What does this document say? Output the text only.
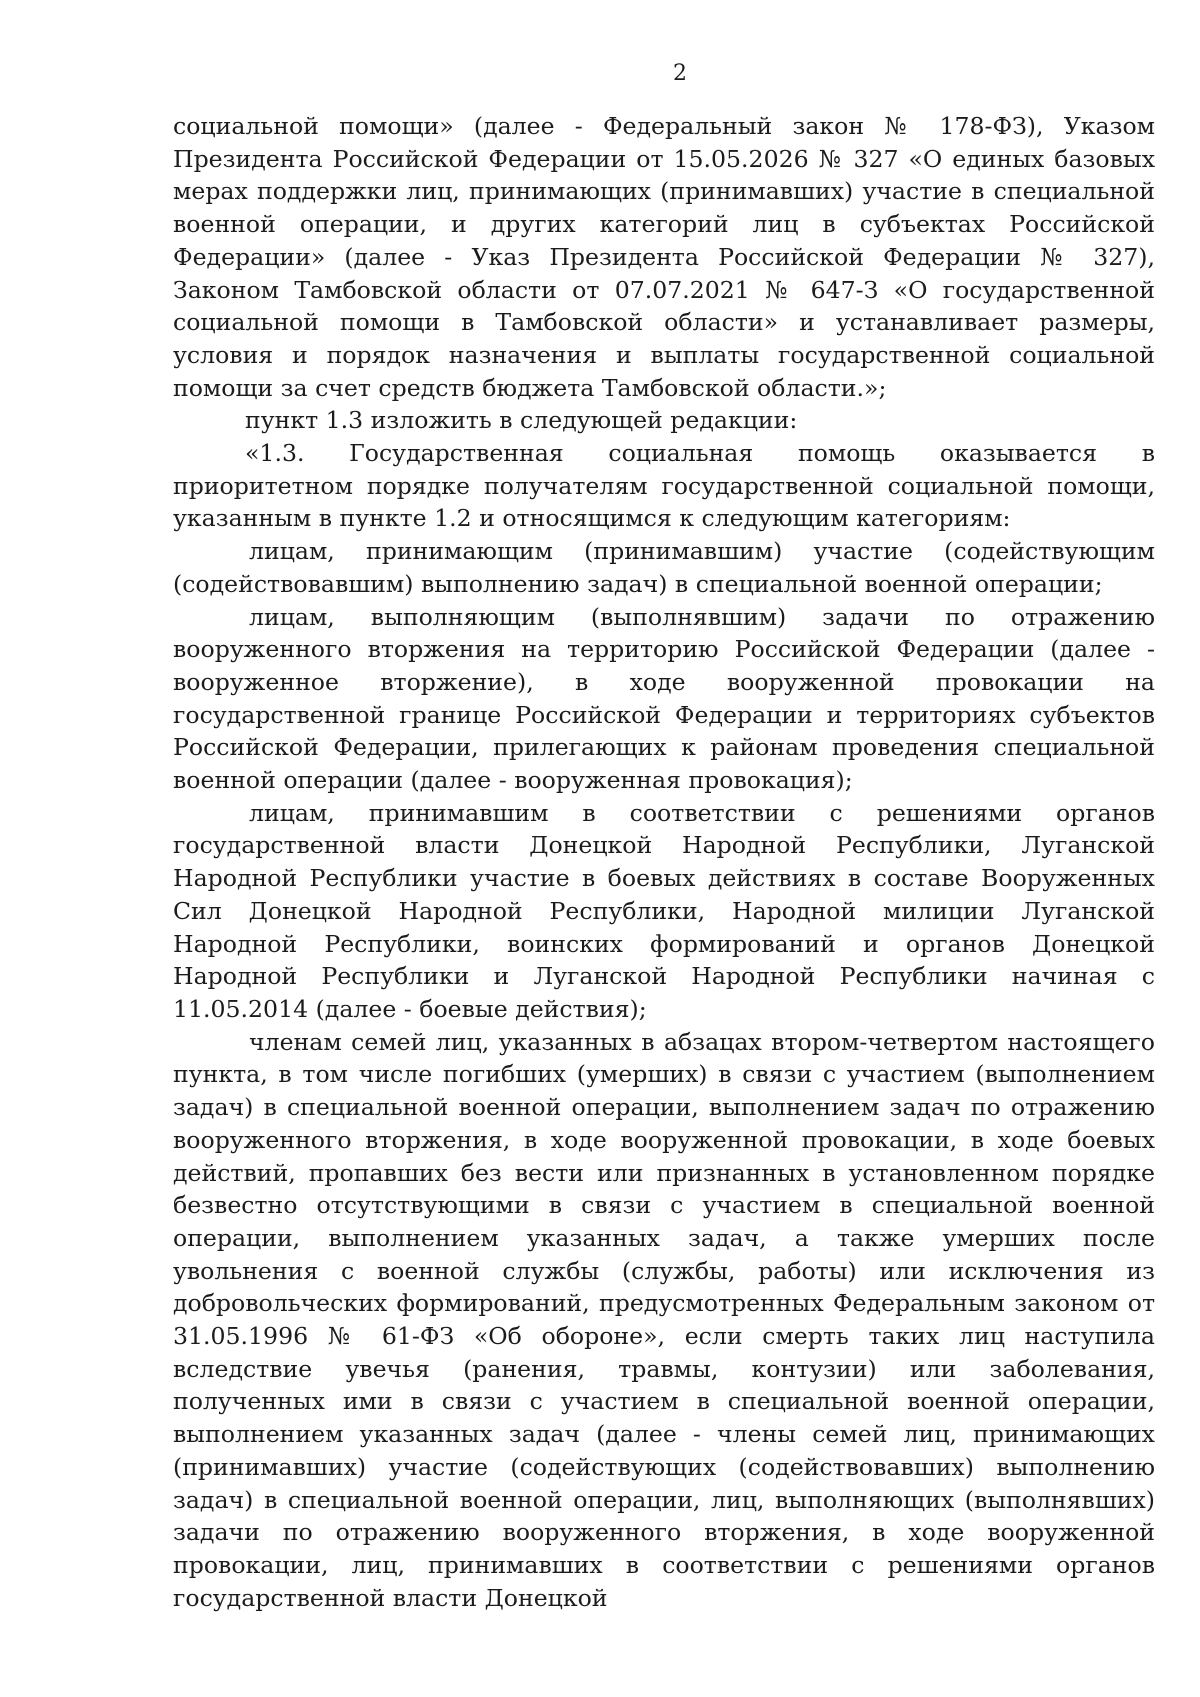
2

социальной помощи» (далее - Федеральный закон № 178-ФЗ), Указом Президента Российской Федерации от 15.05.2026 № 327 «О единых базовых мерах поддержки лиц, принимающих (принимавших) участие в специальной военной операции, и других категорий лиц в субъектах Российской Федерации» (далее - Указ Президента Российской Федерации № 327), Законом Тамбовской области от 07.07.2021 № 647-З «О государственной социальной помощи в Тамбовской области» и устанавливает размеры, условия и порядок назначения и выплаты государственной социальной помощи за счет средств бюджета Тамбовской области.»;

пункт 1.3 изложить в следующей редакции:

«1.3. Государственная социальная помощь оказывается в приоритетном порядке получателям государственной социальной помощи, указанным в пункте 1.2 и относящимся к следующим категориям:

лицам, принимающим (принимавшим) участие (содействующим (содействовавшим) выполнению задач) в специальной военной операции;

лицам, выполняющим (выполнявшим) задачи по отражению вооруженного вторжения на территорию Российской Федерации (далее - вооруженное вторжение), в ходе вооруженной провокации на государственной границе Российской Федерации и территориях субъектов Российской Федерации, прилегающих к районам проведения специальной военной операции (далее - вооруженная провокация);

лицам, принимавшим в соответствии с решениями органов государственной власти Донецкой Народной Республики, Луганской Народной Республики участие в боевых действиях в составе Вооруженных Сил Донецкой Народной Республики, Народной милиции Луганской Народной Республики, воинских формирований и органов Донецкой Народной Республики и Луганской Народной Республики начиная с 11.05.2014 (далее - боевые действия);

членам семей лиц, указанных в абзацах втором-четвертом настоящего пункта, в том числе погибших (умерших) в связи с участием (выполнением задач) в специальной военной операции, выполнением задач по отражению вооруженного вторжения, в ходе вооруженной провокации, в ходе боевых действий, пропавших без вести или признанных в установленном порядке безвестно отсутствующими в связи с участием в специальной военной операции, выполнением указанных задач, а также умерших после увольнения с военной службы (службы, работы) или исключения из добровольческих формирований, предусмотренных Федеральным законом от 31.05.1996 № 61-ФЗ «Об обороне», если смерть таких лиц наступила вследствие увечья (ранения, травмы, контузии) или заболевания, полученных ими в связи с участием в специальной военной операции, выполнением указанных задач (далее - члены семей лиц, принимающих (принимавших) участие (содействующих (содействовавших) выполнению задач) в специальной военной операции, лиц, выполняющих (выполнявших) задачи по отражению вооруженного вторжения, в ходе вооруженной провокации, лиц, принимавших в соответствии с решениями органов государственной власти Донецкой
